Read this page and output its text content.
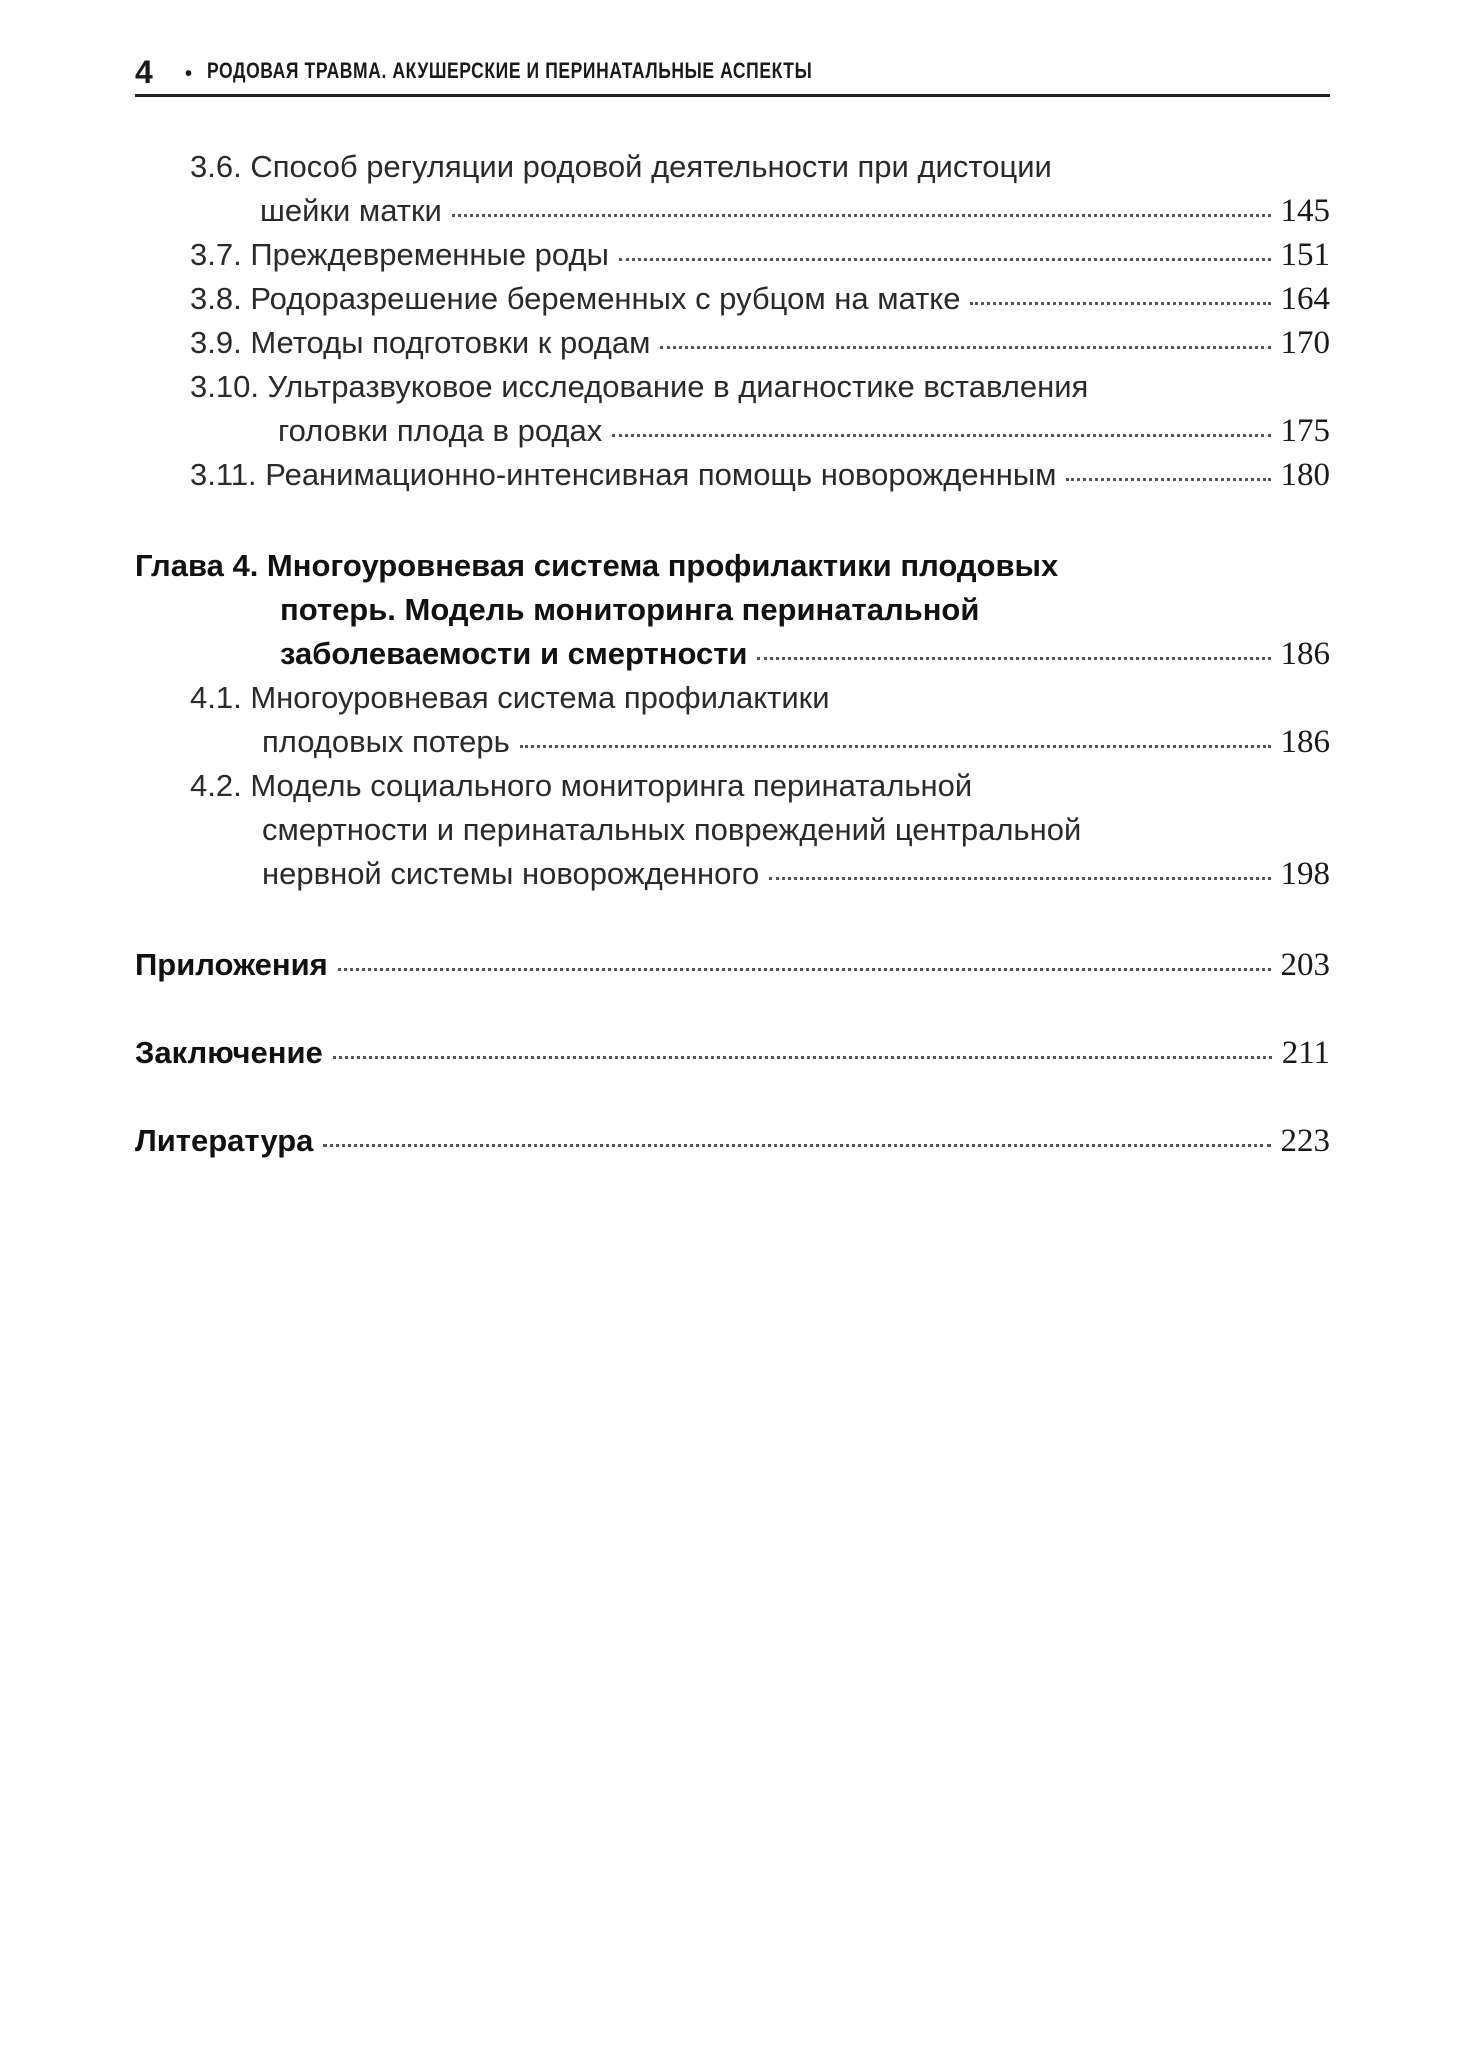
4	• РОДОВАЯ ТРАВМА. АКУШЕРСКИЕ И ПЕРИНАТАЛЬНЫЕ АСПЕКТЫ
3.6. Способ регуляции родовой деятельности при дистоции
шейки матки	145
3.7. Преждевременные роды	151
3.8. Родоразрешение беременных с рубцом на матке	164
3.9. Методы подготовки к родам	170
3.10. Ультразвуковое исследование в диагностике вставления
головки плода в родах	175
3.11. Реанимационно-интенсивная помощь новорожденным	180
Глава 4. Многоуровневая система профилактики плодовых
потерь. Модель мониторинга перинатальной
заболеваемости и смертности	186
4.1. Многоуровневая система профилактики
плодовых потерь	186
4.2. Модель социального мониторинга перинатальной
смертности и перинатальных повреждений центральной
нервной системы новорожденного	198
Приложения	203
Заключение	211
Литература	223
